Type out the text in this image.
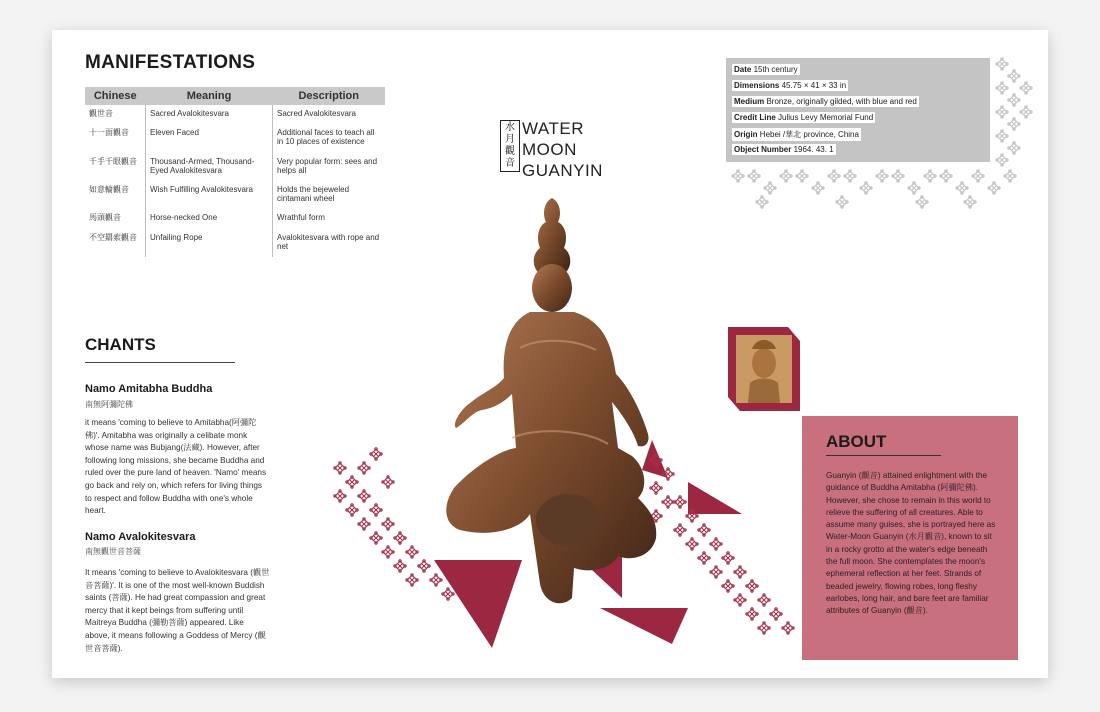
MANIFESTATIONS
Chinese	Meaning	Description
觀世音	Sacred Avalokitesvara	Sacred Avalokitesvara
十一面觀音	Eleven Faced	Additional faces to teach all in 10 places of existence
千手千眼觀音	Thousand-Armed, Thousand-Eyed Avalokitesvara	Very popular form: sees and helps all
如意輪觀音	Wish Fulfilling Avalokitesvara	Holds the bejeweled cintamani wheel
馬頭觀音	Horse-necked One	Wrathful form
不空羂索觀音	Unfailing Rope	Avalokitesvara with rope and net
CHANTS
Namo Amitabha Buddha
南無阿彌陀佛
it means 'coming to believe to Amitabha(阿彌陀佛)'. Amitabha was originally a celibate monk whose name was Bubjang(法藏). However, after following long missions, she became Buddha and ruled over the pure land of heaven. 'Namo' means go back and rely on, which refers for living things to respect and follow Buddha with one's whole heart.
Namo Avalokitesvara
南無觀世音菩薩
It means 'coming to believe to Avalokitesvara (觀世音菩薩)'. It is one of the most well-known Buddish saints (菩薩). He had great compassion and great mercy that it kept beings from suffering until Maitreya Buddha (彌勒菩薩) appeared. Like above, it means following a Goddess of Mercy (觀世音菩薩).
水月觀音
WATER
MOON
GUANYIN
Date 15th century
Dimensions 45.75 × 41 × 33 in
Medium Bronze, originally gilded, with blue and red
Credit Line Julius Levy Memorial Fund
Origin Hebei /華北 province, China
Object Number 1964. 43. 1
ABOUT
Guanyin (觀音) attained enlightment with the guidance of Buddha Amitabha (阿彌陀佛). However, she chose to remain in this world to relieve the suffering of all creatures. Able to assume many guises, she is portrayed here as Water-Moon Guanyin (水月觀音), known to sit in a rocky grotto at the water's edge beneath the full moon. She contemplates the moon's ephemeral reflection at her feet. Strands of beaded jewelry, flowing robes, long fleshy earlobes, long hair, and bare feet are familiar attributes of Guanyin (觀音).
